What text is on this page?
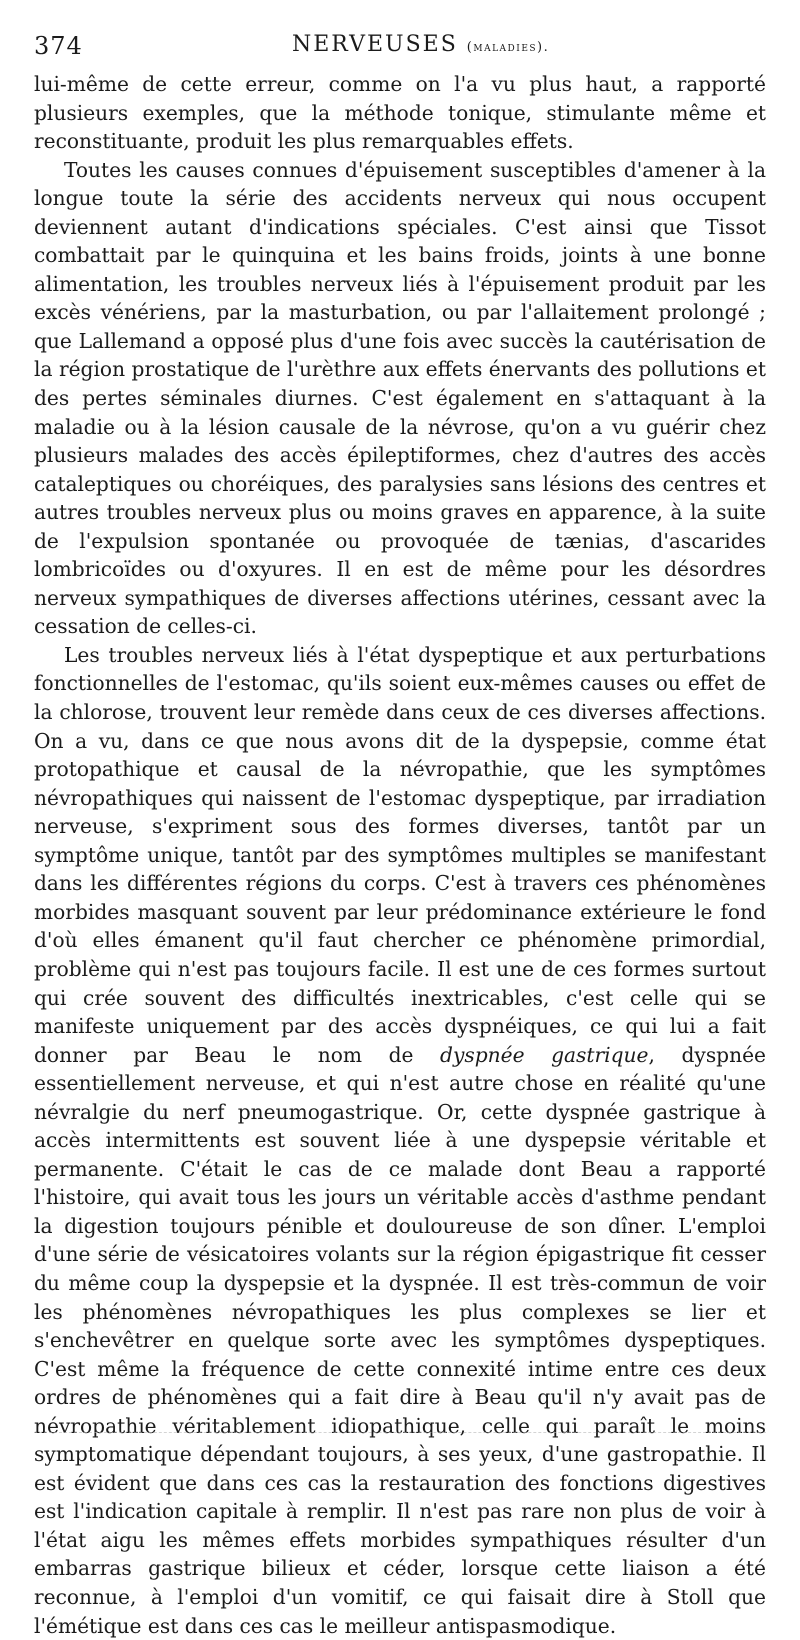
374	NERVEUSES (maladies).

lui-même de cette erreur, comme on l'a vu plus haut, a rapporté plusieurs exemples, que la méthode tonique, stimulante même et reconstituante, produit les plus remarquables effets.

Toutes les causes connues d'épuisement susceptibles d'amener à la longue toute la série des accidents nerveux qui nous occupent deviennent autant d'indications spéciales. C'est ainsi que Tissot combattait par le quinquina et les bains froids, joints à une bonne alimentation, les troubles nerveux liés à l'épuisement produit par les excès vénériens, par la masturbation, ou par l'allaitement prolongé ; que Lallemand a opposé plus d'une fois avec succès la cautérisation de la région prostatique de l'urèthre aux effets énervants des pollutions et des pertes séminales diurnes. C'est également en s'attaquant à la maladie ou à la lésion causale de la névrose, qu'on a vu guérir chez plusieurs malades des accès épileptiformes, chez d'autres des accès cataleptiques ou choréiques, des paralysies sans lésions des centres et autres troubles nerveux plus ou moins graves en apparence, à la suite de l'expulsion spontanée ou provoquée de tænias, d'ascarides lombricoïdes ou d'oxyures. Il en est de même pour les désordres nerveux sympathiques de diverses affections utérines, cessant avec la cessation de celles-ci.

Les troubles nerveux liés à l'état dyspeptique et aux perturbations fonctionnelles de l'estomac, qu'ils soient eux-mêmes causes ou effet de la chlorose, trouvent leur remède dans ceux de ces diverses affections. On a vu, dans ce que nous avons dit de la dyspepsie, comme état protopathique et causal de la névropathie, que les symptômes névropathiques qui naissent de l'estomac dyspeptique, par irradiation nerveuse, s'expriment sous des formes diverses, tantôt par un symptôme unique, tantôt par des symptômes multiples se manifestant dans les différentes régions du corps. C'est à travers ces phénomènes morbides masquant souvent par leur prédominance extérieure le fond d'où elles émanent qu'il faut chercher ce phénomène primordial, problème qui n'est pas toujours facile. Il est une de ces formes surtout qui crée souvent des difficultés inextricables, c'est celle qui se manifeste uniquement par des accès dyspnéiques, ce qui lui a fait donner par Beau le nom de dyspnée gastrique, dyspnée essentiellement nerveuse, et qui n'est autre chose en réalité qu'une névralgie du nerf pneumogastrique. Or, cette dyspnée gastrique à accès intermittents est souvent liée à une dyspepsie véritable et permanente. C'était le cas de ce malade dont Beau a rapporté l'histoire, qui avait tous les jours un véritable accès d'asthme pendant la digestion toujours pénible et douloureuse de son dîner. L'emploi d'une série de vésicatoires volants sur la région épigastrique fit cesser du même coup la dyspepsie et la dyspnée. Il est très-commun de voir les phénomènes névropathiques les plus complexes se lier et s'enchevêtrer en quelque sorte avec les symptômes dyspeptiques. C'est même la fréquence de cette connexité intime entre ces deux ordres de phénomènes qui a fait dire à Beau qu'il n'y avait pas de névropathie véritablement idiopathique, celle qui paraît le moins symptomatique dépendant toujours, à ses yeux, d'une gastropathie. Il est évident que dans ces cas la restauration des fonctions digestives est l'indication capitale à remplir. Il n'est pas rare non plus de voir à l'état aigu les mêmes effets morbides sympathiques résulter d'un embarras gastrique bilieux et céder, lorsque cette liaison a été reconnue, à l'emploi d'un vomitif, ce qui faisait dire à Stoll que l'émétique est dans ces cas le meilleur antispasmodique.
